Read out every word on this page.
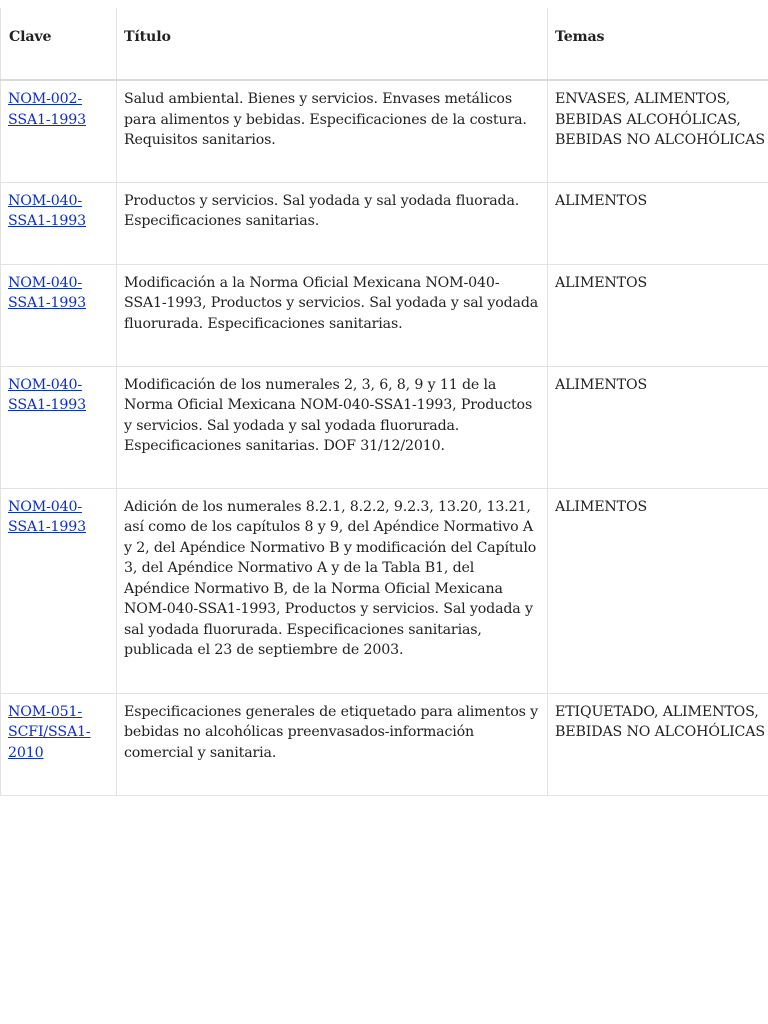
Clave	Título	Temas
NOM-002-
SSA1-1993	Salud ambiental. Bienes y servicios. Envases metálicos para alimentos y bebidas. Especificaciones de la costura. Requisitos sanitarios.	ENVASES, ALIMENTOS,
BEBIDAS ALCOHÓLICAS,
BEBIDAS NO ALCOHÓLICAS
NOM-040-
SSA1-1993	Productos y servicios. Sal yodada y sal yodada fluorada. Especificaciones sanitarias.	ALIMENTOS
NOM-040-
SSA1-1993	Modificación a la Norma Oficial Mexicana NOM-040-SSA1-1993, Productos y servicios. Sal yodada y sal yodada fluorurada. Especificaciones sanitarias.	ALIMENTOS
NOM-040-
SSA1-1993	Modificación de los numerales 2, 3, 6, 8, 9 y 11 de la Norma Oficial Mexicana NOM-040-SSA1-1993, Productos y servicios. Sal yodada y sal yodada fluorurada. Especificaciones sanitarias. DOF 31/12/2010.	ALIMENTOS
NOM-040-
SSA1-1993	Adición de los numerales 8.2.1, 8.2.2, 9.2.3, 13.20, 13.21, así como de los capítulos 8 y 9, del Apéndice Normativo A y 2, del Apéndice Normativo B y modificación del Capítulo 3, del Apéndice Normativo A y de la Tabla B1, del Apéndice Normativo B, de la Norma Oficial Mexicana NOM-040-SSA1-1993, Productos y servicios. Sal yodada y sal yodada fluorurada. Especificaciones sanitarias, publicada el 23 de septiembre de 2003.	ALIMENTOS
NOM-051-
SCFI/SSA1-
2010	Especificaciones generales de etiquetado para alimentos y bebidas no alcohólicas preenvasados-información comercial y sanitaria.	ETIQUETADO, ALIMENTOS,
BEBIDAS NO ALCOHÓLICAS
